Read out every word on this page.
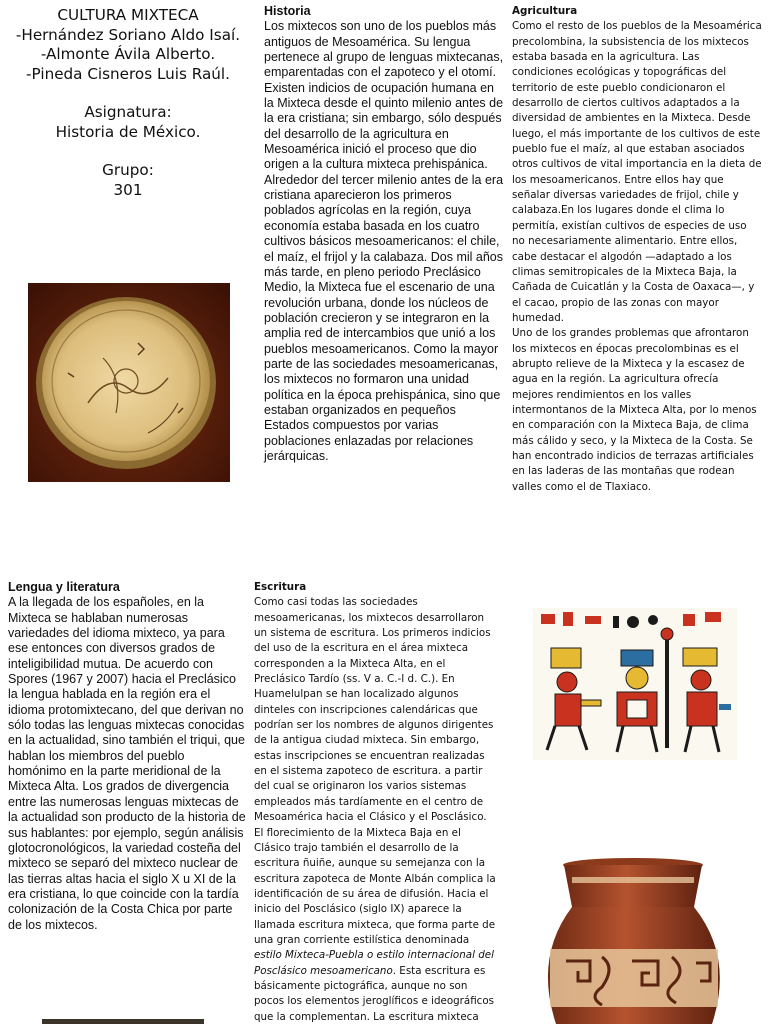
CULTURA MIXTECA
-Hernández Soriano Aldo Isaí.
-Almonte Ávila Alberto.
-Pineda Cisneros Luis Raúl.
Asignatura:
Historia de México.
Grupo:
301
Historia

Los mixtecos son uno de los pueblos más antiguos de Mesoamérica. Su lengua pertenece al grupo de lenguas mixtecanas, emparentadas con el zapoteco y el otomí. Existen indicios de ocupación humana en la Mixteca desde el quinto milenio antes de la era cristiana; sin embargo, sólo después del desarrollo de la agricultura en Mesoamérica inició el proceso que dio origen a la cultura mixteca prehispánica. Alrededor del tercer milenio antes de la era cristiana aparecieron los primeros poblados agrícolas en la región, cuya economía estaba basada en los cuatro cultivos básicos mesoamericanos: el chile, el maíz, el frijol y la calabaza. Dos mil años más tarde, en pleno periodo Preclásico Medio, la Mixteca fue el escenario de una revolución urbana, donde los núcleos de población crecieron y se integraron en la amplia red de intercambios que unió a los pueblos mesoamericanos. Como la mayor parte de las sociedades mesoamericanas, los mixtecos no formaron una unidad política en la época prehispánica, sino que estaban organizados en pequeños Estados compuestos por varias poblaciones enlazadas por relaciones jerárquicas.

Agricultura

Como el resto de los pueblos de la Mesoamérica precolombina, la subsistencia de los mixtecos estaba basada en la agricultura. Las condiciones ecológicas y topográficas del territorio de este pueblo condicionaron el desarrollo de ciertos cultivos adaptados a la diversidad de ambientes en la Mixteca. Desde luego, el más importante de los cultivos de este pueblo fue el maíz, al que estaban asociados otros cultivos de vital importancia en la dieta de los mesoamericanos. Entre ellos hay que señalar diversas variedades de frijol, chile y calabaza.En los lugares donde el clima lo permitía, existían cultivos de especies de uso no necesariamente alimentario. Entre ellos, cabe destacar el algodón —adaptado a los climas semitropicales de la Mixteca Baja, la Cañada de Cuicatlán y la Costa de Oaxaca—, y el cacao, propio de las zonas con mayor humedad.

Uno de los grandes problemas que afrontaron los mixtecos en épocas precolombinas es el abrupto relieve de la Mixteca y la escasez de agua en la región. La agricultura ofrecía mejores rendimientos en los valles intermontanos de la Mixteca Alta, por lo menos en comparación con la Mixteca Baja, de clima más cálido y seco, y la Mixteca de la Costa. Se han encontrado indicios de terrazas artificiales en las laderas de las montañas que rodean valles como el de Tlaxiaco.

Lengua y literatura

A la llegada de los españoles, en la Mixteca se hablaban numerosas variedades del idioma mixteco, ya para ese entonces con diversos grados de inteligibilidad mutua. De acuerdo con Spores (1967 y 2007) hacia el Preclásico la lengua hablada en la región era el idioma protomixtecano, del que derivan no sólo todas las lenguas mixtecas conocidas en la actualidad, sino también el triqui, que hablan los miembros del pueblo homónimo en la parte meridional de la Mixteca Alta. Los grados de divergencia entre las numerosas lenguas mixtecas de la actualidad son producto de la historia de sus hablantes: por ejemplo, según análisis glotocronológicos, la variedad costeña del mixteco se separó del mixteco nuclear de las tierras altas hacia el siglo X u XI de la era cristiana, lo que coincide con la tardía colonización de la Costa Chica por parte de los mixtecos.

Escritura

Como casi todas las sociedades mesoamericanas, los mixtecos desarrollaron un sistema de escritura. Los primeros indicios del uso de la escritura en el área mixteca corresponden a la Mixteca Alta, en el Preclásico Tardío (ss. V a. C.-I d. C.). En Huamelulpan se han localizado algunos dinteles con inscripciones calendáricas que podrían ser los nombres de algunos dirigentes de la antigua ciudad mixteca. Sin embargo, estas inscripciones se encuentran realizadas en el sistema zapoteco de escritura. a partir del cual se originaron los varios sistemas empleados más tardíamente en el centro de Mesoamérica hacia el Clásico y el Posclásico. El florecimiento de la Mixteca Baja en el Clásico trajo también el desarrollo de la escritura ñuiñe, aunque su semejanza con la escritura zapoteca de Monte Albán complica la identificación de su área de difusión. Hacia el inicio del Posclásico (siglo IX) aparece la llamada escritura mixteca, que forma parte de una gran corriente estilística denominada estilo Mixteca-Puebla o estilo internacional del Posclásico mesoamericano. Esta escritura es básicamente pictográfica, aunque no son pocos los elementos jeroglíficos e ideográficos que la complementan. La escritura mixteca
